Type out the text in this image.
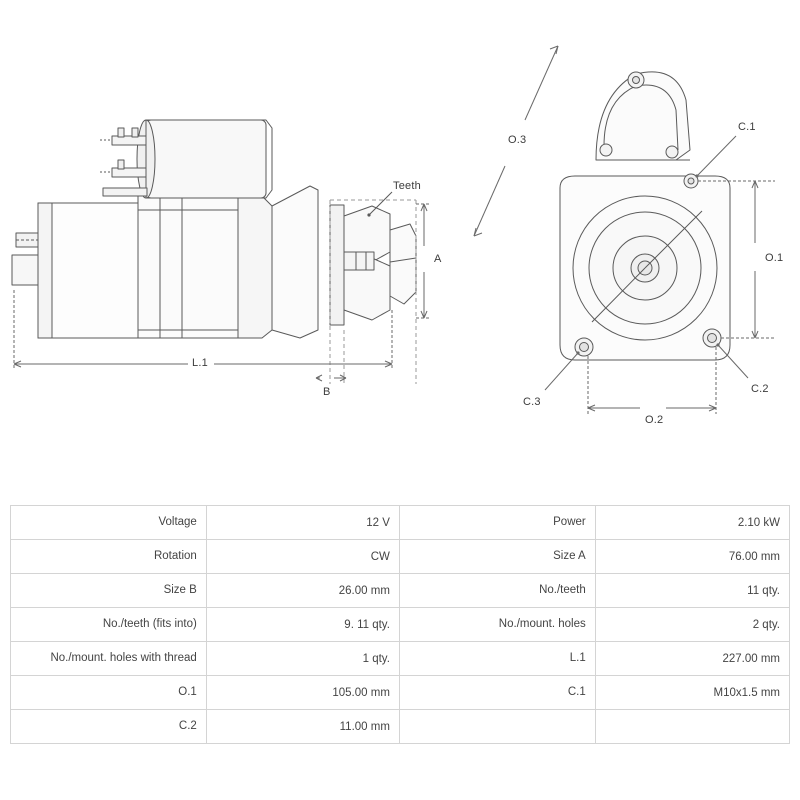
Teeth
A
L.1
B
O.3
C.1
O.1
C.2
C.3
O.2
Voltage	12 V	Power	2.10 kW
Rotation	CW	Size A	76.00 mm
Size B	26.00 mm	No./teeth	11 qty.
No./teeth (fits into)	9. 11 qty.	No./mount. holes	2 qty.
No./mount. holes with thread	1 qty.	L.1	227.00 mm
O.1	105.00 mm	C.1	M10x1.5 mm
C.2	11.00 mm		
